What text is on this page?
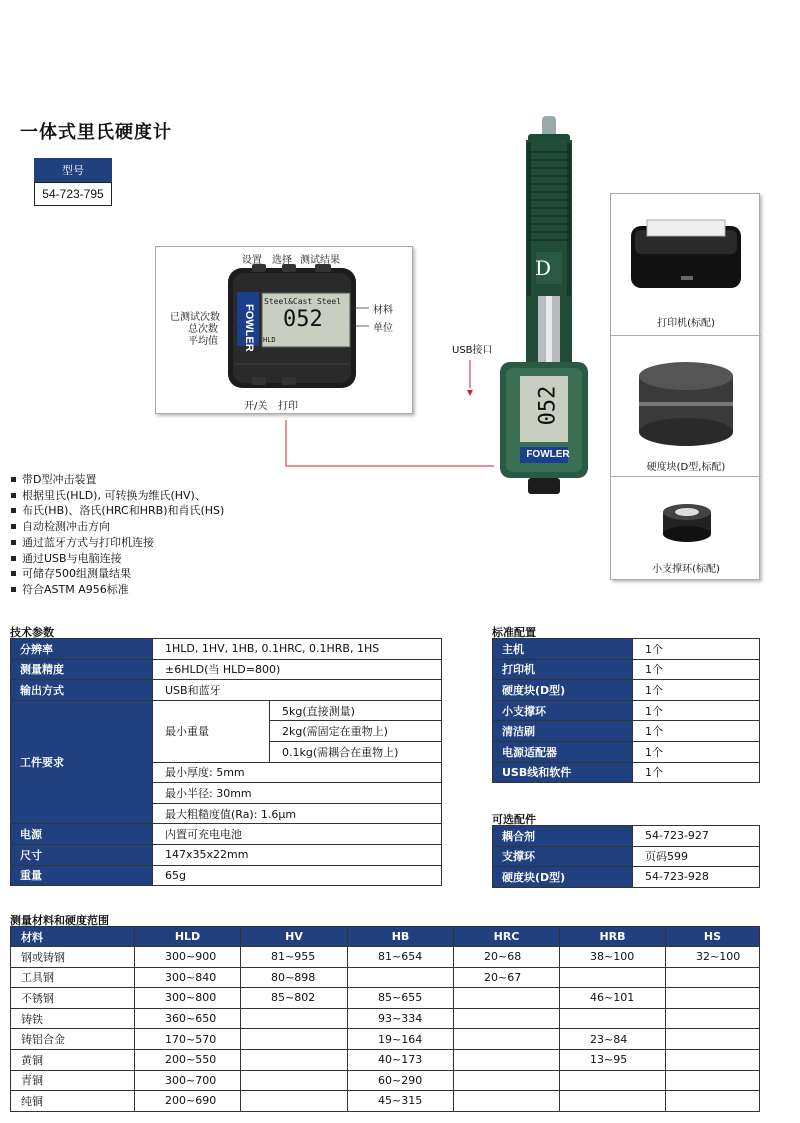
一体式里氏硬度计
型号
54-723-795
FOWLER
Steel&Cast Steel
052
HLD
设置 选择 测试结果
已测试次数
总次数
平均值
材料
单位
开/关 打印
USB接口
D
052
FOWLER
打印机(标配)
硬度块(D型,标配)
小支撑环(标配)
带D型冲击装置
根据里氏(HLD), 可转换为维氏(HV)、
布氏(HB)、洛氏(HRC和HRB)和肖氏(HS)
自动检测冲击方向
通过蓝牙方式与打印机连接
通过USB与电脑连接
可储存500组测量结果
符合ASTM A956标准
技术参数
分辨率	1HLD, 1HV, 1HB, 0.1HRC, 0.1HRB, 1HS	
测量精度	±6HLD(当 HLD=800)	
输出方式	USB和蓝牙	
工件要求	最小重量	5kg(直接测量)
		2kg(需固定在重物上)
		0.1kg(需耦合在重物上)
	最小厚度: 5mm	
	最小半径: 30mm	
	最大粗糙度值(Ra): 1.6μm	
电源	内置可充电电池	
尺寸	147x35x22mm	
重量	65g	
标准配置
主机	1个
打印机	1个
硬度块(D型)	1个
小支撑环	1个
清洁刷	1个
电源适配器	1个
USB线和软件	1个
可选配件
耦合剂	54-723-927
支撑环	页码599
硬度块(D型)	54-723-928
测量材料和硬度范围
材料	HLD	HV	HB	HRC	HRB	HS
钢或铸钢	300~900	81~955	81~654	20~68	38~100	32~100
工具钢	300~840	80~898		20~67		
不锈钢	300~800	85~802	85~655		46~101	
铸铁	360~650		93~334			
铸铝合金	170~570		19~164		23~84	
黄铜	200~550		40~173		13~95	
青铜	300~700		60~290			
纯铜	200~690		45~315			
